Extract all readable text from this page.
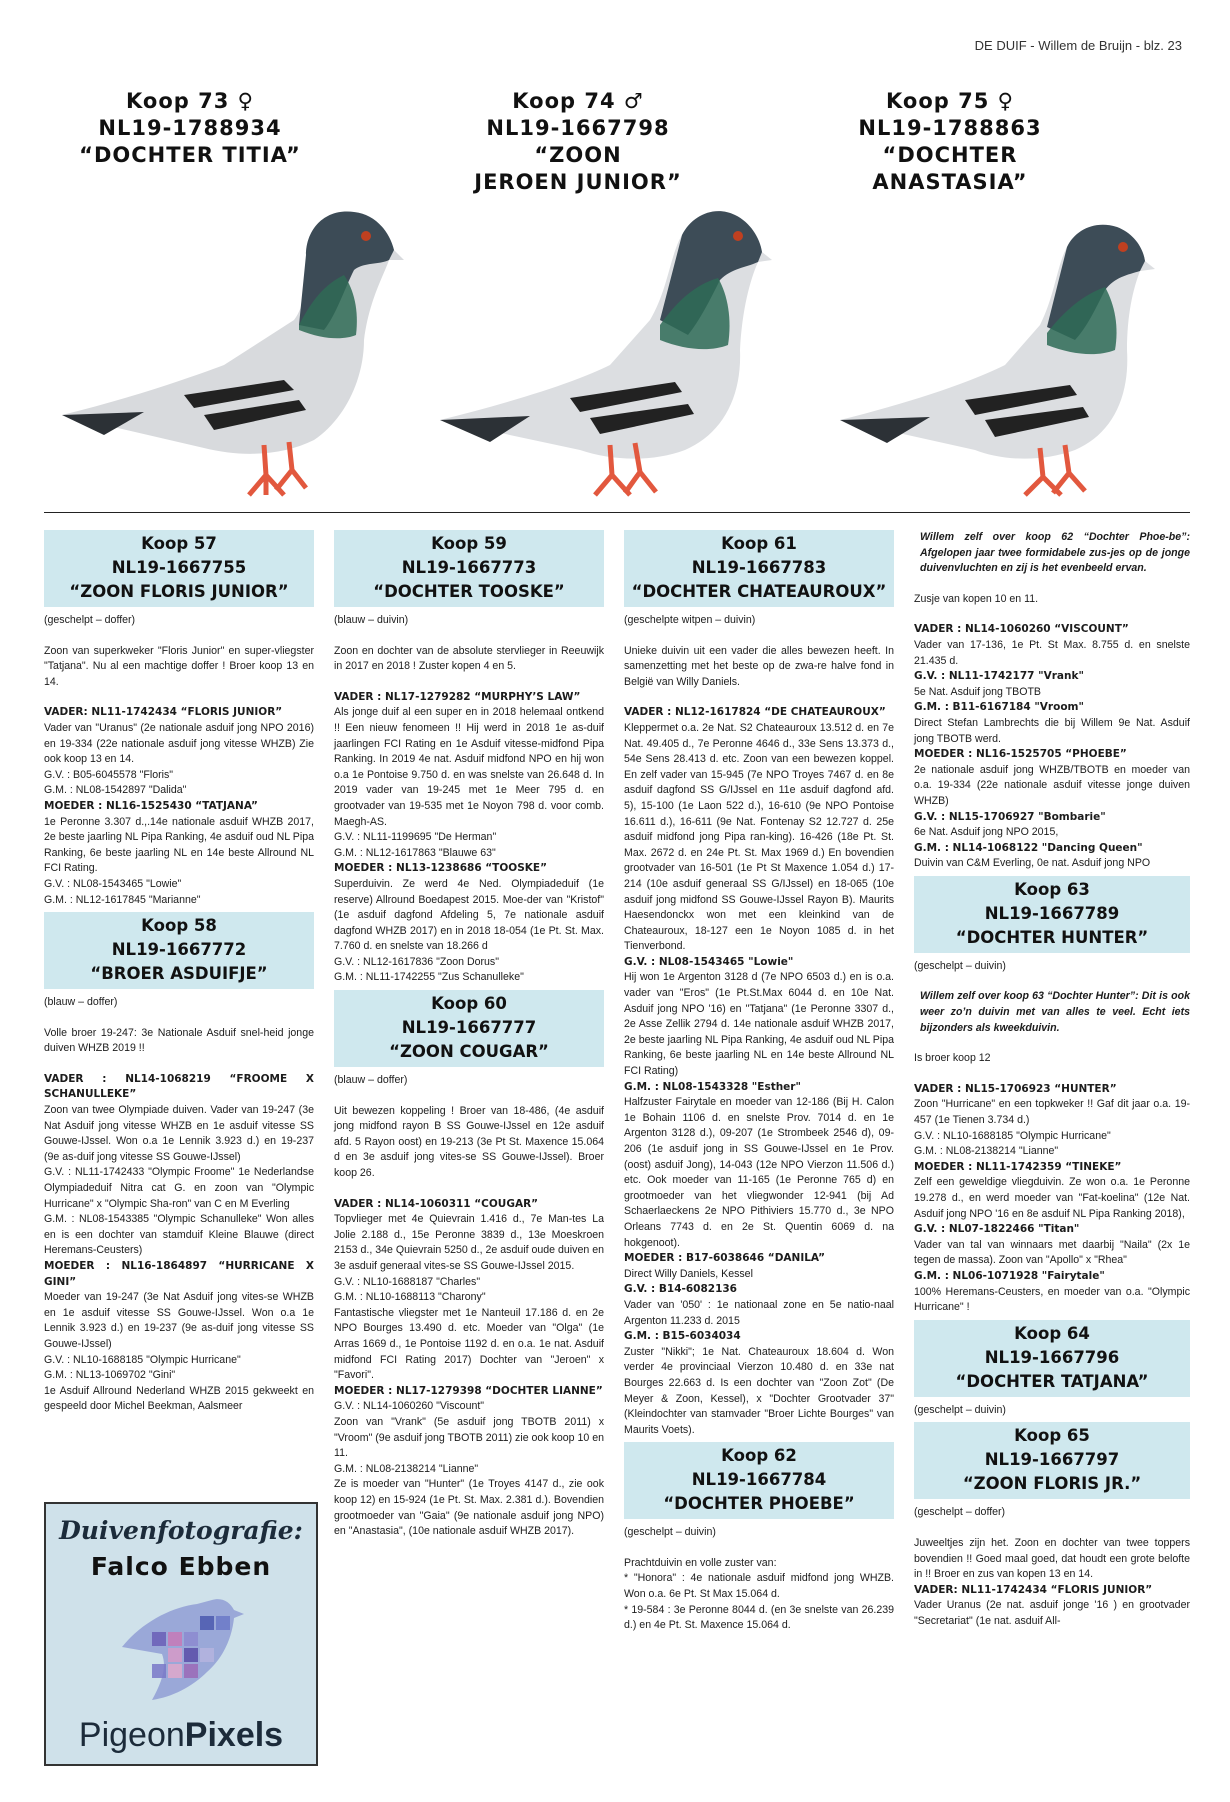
DE DUIF - Willem de Bruijn - blz. 23
Koop 73 ♀
NL19-1788934
“DOCHTER TITIA”
Koop 74 ♂
NL19-1667798
“ZOON
JEROEN JUNIOR”
Koop 75 ♀
NL19-1788863
“DOCHTER
ANASTASIA”
Koop 57
NL19-1667755
“ZOON FLORIS JUNIOR”
(geschelpt – doffer)

Zoon van superkweker "Floris Junior" en super-vliegster "Tatjana". Nu al een machtige doffer ! Broer koop 13 en 14.

VADER: NL11-1742434 “FLORIS JUNIOR”
Vader van "Uranus" (2e nationale asduif jong NPO 2016) en 19-334 (22e nationale asduif jong vitesse WHZB) Zie ook koop 13 en 14.
G.V. : B05-6045578 "Floris"
G.M. : NL08-1542897 "Dalida"
MOEDER : NL16-1525430 “TATJANA”
1e Peronne 3.307 d.,.14e nationale asduif WHZB 2017, 2e beste jaarling NL Pipa Ranking, 4e asduif oud NL Pipa Ranking, 6e beste jaarling NL en 14e beste Allround NL FCI Rating.
G.V. : NL08-1543465 "Lowie"
G.M. : NL12-1617845 "Marianne"
Koop 58
NL19-1667772
“BROER ASDUIFJE”
(blauw – doffer)

Volle broer 19-247: 3e Nationale Asduif snel-heid jonge duiven WHZB 2019 !!

VADER : NL14-1068219 “FROOME X SCHANULLEKE”
Zoon van twee Olympiade duiven. Vader van 19-247 (3e Nat Asduif jong vitesse WHZB en 1e asduif vitesse SS Gouwe-IJssel. Won o.a 1e Lennik 3.923 d.) en 19-237 (9e as-duif jong vitesse SS Gouwe-IJssel)
G.V. : NL11-1742433 "Olympic Froome" 1e Nederlandse Olympiadeduif Nitra cat G. en zoon van "Olympic Hurricane" x "Olympic Sha-ron" van C en M Everling
G.M. : NL08-1543385 "Olympic Schanulleke" Won alles en is een dochter van stamduif Kleine Blauwe (direct Heremans-Ceusters)
MOEDER : NL16-1864897 “HURRICANE X GINI”
Moeder van 19-247 (3e Nat Asduif jong vites-se WHZB en 1e asduif vitesse SS Gouwe-IJssel. Won o.a 1e Lennik 3.923 d.) en 19-237 (9e as-duif jong vitesse SS Gouwe-IJssel)
G.V. : NL10-1688185 "Olympic Hurricane"
G.M. : NL13-1069702 "Gini"
1e Asduif Allround Nederland WHZB 2015 gekweekt en gespeeld door Michel Beekman, Aalsmeer
Koop 59
NL19-1667773
“DOCHTER TOOSKE”
(blauw – duivin)

Zoon en dochter van de absolute stervlieger in Reeuwijk in 2017 en 2018 ! Zuster kopen 4 en 5.

VADER : NL17-1279282 “MURPHY’S LAW”
Als jonge duif al een super en in 2018 helemaal ontkend !! Een nieuw fenomeen !! Hij werd in 2018 1e as-duif jaarlingen FCI Rating en 1e Asduif vitesse-midfond Pipa Ranking. In 2019 4e nat. Asduif midfond NPO en hij won o.a 1e Pontoise 9.750 d. en was snelste van 26.648 d. In 2019 vader van 19-245 met 1e Meer 795 d. en grootvader van 19-535 met 1e Noyon 798 d. voor comb. Maegh-AS.
G.V. : NL11-1199695 "De Herman"
G.M. : NL12-1617863 "Blauwe 63"
MOEDER : NL13-1238686 “TOOSKE”
Superduivin. Ze werd 4e Ned. Olympiadeduif (1e reserve) Allround Boedapest 2015. Moe-der van "Kristof" (1e asduif dagfond Afdeling 5, 7e nationale asduif dagfond WHZB 2017) en in 2018 18-054 (1e Pt. St. Max. 7.760 d. en snelste van 18.266 d
G.V. : NL12-1617836 "Zoon Dorus"
G.M. : NL11-1742255 "Zus Schanulleke"
Koop 60
NL19-1667777
“ZOON COUGAR”
(blauw – doffer)

Uit bewezen koppeling ! Broer van 18-486, (4e asduif jong midfond rayon B SS Gouwe-IJssel en 12e asduif afd. 5 Rayon oost) en 19-213 (3e Pt St. Maxence 15.064 d en 3e asduif jong vites-se SS Gouwe-IJssel). Broer koop 26.

VADER : NL14-1060311 “COUGAR”
Topvlieger met 4e Quievrain 1.416 d., 7e Man-tes La Jolie 2.188 d., 15e Peronne 3839 d., 13e Moeskroen 2153 d., 34e Quievrain 5250 d., 2e asduif oude duiven en 3e asduif generaal vites-se SS Gouwe-IJssel 2015.
G.V. : NL10-1688187 "Charles"
G.M. : NL10-1688113 "Charony"
Fantastische vliegster met 1e Nanteuil 17.186 d. en 2e NPO Bourges 13.490 d. etc. Moeder van "Olga" (1e Arras 1669 d., 1e Pontoise 1192 d. en o.a. 1e nat. Asduif midfond FCI Rating 2017) Dochter van "Jeroen" x "Favori".
MOEDER : NL17-1279398 “DOCHTER LIANNE”
G.V. : NL14-1060260 "Viscount"
Zoon van "Vrank" (5e asduif jong TBOTB 2011) x "Vroom" (9e asduif jong TBOTB 2011) zie ook koop 10 en 11.
G.M. : NL08-2138214 "Lianne"
Ze is moeder van "Hunter" (1e Troyes 4147 d., zie ook koop 12) en 15-924 (1e Pt. St. Max. 2.381 d.). Bovendien grootmoeder van "Gaia" (9e nationale asduif jong NPO) en "Anastasia", (10e nationale asduif WHZB 2017).
Koop 61
NL19-1667783
“DOCHTER CHATEAUROUX”
(geschelpte witpen – duivin)

Unieke duivin uit een vader die alles bewezen heeft. In samenzetting met het beste op de zwa-re halve fond in België van Willy Daniels.

VADER : NL12-1617824 “DE CHATEAUROUX”
Kleppermet o.a. 2e Nat. S2 Chateauroux 13.512 d. en 7e Nat. 49.405 d., 7e Peronne 4646 d., 33e Sens 13.373 d., 54e Sens 28.413 d. etc. Zoon van een bewezen koppel. En zelf vader van 15-945 (7e NPO Troyes 7467 d. en 8e asduif dagfond SS G/IJssel en 11e asduif dagfond afd. 5), 15-100 (1e Laon 522 d.), 16-610 (9e NPO Pontoise 16.611 d.), 16-611 (9e Nat. Fontenay S2 12.727 d. 25e asduif midfond jong Pipa ran-king). 16-426 (18e Pt. St. Max. 2672 d. en 24e Pt. St. Max 1969 d.) En bovendien grootvader van 16-501 (1e Pt St Maxence 1.054 d.) 17-214 (10e asduif generaal SS G/IJssel) en 18-065 (10e asduif jong midfond SS Gouwe-IJssel Rayon B). Maurits Haesendonckx won met een kleinkind van de Chateauroux, 18-127 een 1e Noyon 1085 d. in het Tienverbond.
G.V. : NL08-1543465 "Lowie"
Hij won 1e Argenton 3128 d (7e NPO 6503 d.) en is o.a. vader van "Eros" (1e Pt.St.Max 6044 d. en 10e Nat. Asduif jong NPO '16) en "Tatjana" (1e Peronne 3307 d., 2e Asse Zellik 2794 d. 14e nationale asduif WHZB 2017, 2e beste jaarling NL Pipa Ranking, 4e asduif oud NL Pipa Ranking, 6e beste jaarling NL en 14e beste Allround NL FCI Rating)
G.M. : NL08-1543328 "Esther"
Halfzuster Fairytale en moeder van 12-186 (Bij H. Calon 1e Bohain 1106 d. en snelste Prov. 7014 d. en 1e Argenton 3128 d.), 09-207 (1e Strombeek 2546 d), 09-206 (1e asduif jong in SS Gouwe-IJssel en 1e Prov. (oost) asduif Jong), 14-043 (12e NPO Vierzon 11.506 d.) etc. Ook moeder van 11-165 (1e Peronne 765 d) en grootmoeder van het vliegwonder 12-941 (bij Ad Schaerlaeckens 2e NPO Pithiviers 15.770 d., 3e NPO Orleans 7743 d. en 2e St. Quentin 6069 d. na hokgenoot).
MOEDER : B17-6038646 “DANILA”
Direct Willy Daniels, Kessel
G.V. : B14-6082136
Vader van '050' : 1e nationaal zone en 5e natio-naal Argenton 11.233 d. 2015
G.M. : B15-6034034
Zuster "Nikki"; 1e Nat. Chateauroux 18.604 d. Won verder 4e provinciaal Vierzon 10.480 d. en 33e nat Bourges 22.663 d. Is een dochter van "Zoon Zot" (De Meyer & Zoon, Kessel), x "Dochter Grootvader 37"(Kleindochter van stamvader "Broer Lichte Bourges" van Maurits Voets).
Koop 62
NL19-1667784
“DOCHTER PHOEBE”
(geschelpt – duivin)
Prachtduivin en volle zuster van:
* "Honora" : 4e nationale asduif midfond jong WHZB. Won o.a. 6e Pt. St Max 15.064 d.
* 19-584 : 3e Peronne 8044 d. (en 3e snelste van 26.239 d.) en 4e Pt. St. Maxence 15.064 d.

Willem zelf over koop 62 “Dochter Phoe-be”: Afgelopen jaar twee formidabele zus-jes op de jonge duivenvluchten en zij is het evenbeeld ervan.

Zusje van kopen 10 en 11.

VADER : NL14-1060260 “VISCOUNT”
Vader van 17-136, 1e Pt. St Max. 8.755 d. en snelste 21.435 d.
G.V. : NL11-1742177 "Vrank"
5e Nat. Asduif jong TBOTB
G.M. : B11-6167184 "Vroom"
Direct Stefan Lambrechts die bij Willem 9e Nat. Asduif jong TBOTB werd.
MOEDER : NL16-1525705 “PHOEBE”
2e nationale asduif jong WHZB/TBOTB en moeder van o.a. 19-334 (22e nationale asduif vitesse jonge duiven WHZB)
G.V. : NL15-1706927 "Bombarie"
6e Nat. Asduif jong NPO 2015,
G.M. : NL14-1068122 "Dancing Queen"
Duivin van C&M Everling, 0e nat. Asduif jong NPO
Koop 63
NL19-1667789
“DOCHTER HUNTER”
(geschelpt – duivin)

Willem zelf over koop 63 “Dochter Hunter”: Dit is ook weer zo’n duivin met van alles te veel. Echt iets bijzonders als kweekduivin.

Is broer koop 12

VADER : NL15-1706923 “HUNTER”
Zoon "Hurricane" en een topkweker !! Gaf dit jaar o.a. 19-457 (1e Tienen 3.734 d.)
G.V. : NL10-1688185 "Olympic Hurricane"
G.M. : NL08-2138214 "Lianne"
MOEDER : NL11-1742359 “TINEKE”
Zelf een geweldige vliegduivin. Ze won o.a. 1e Peronne 19.278 d., en werd moeder van "Fat-koelina" (12e Nat. Asduif jong NPO '16 en 8e asduif NL Pipa Ranking 2018),
G.V. : NL07-1822466 "Titan"
Vader van tal van winnaars met daarbij "Naila" (2x 1e tegen de massa). Zoon van "Apollo" x "Rhea"
G.M. : NL06-1071928 "Fairytale"
100% Heremans-Ceusters, en moeder van o.a. "Olympic Hurricane" !
Koop 64
NL19-1667796
“DOCHTER TATJANA”
(geschelpt – duivin)
Koop 65
NL19-1667797
“ZOON FLORIS JR.”
(geschelpt – doffer)
Juweeltjes zijn het. Zoon en dochter van twee toppers bovendien !! Goed maal goed, dat houdt een grote belofte in !! Broer en zus van kopen 13 en 14.
VADER: NL11-1742434 “FLORIS JUNIOR”
Vader Uranus (2e nat. asduif jonge '16 ) en grootvader "Secretariat" (1e nat. asduif All-
Duivenfotografie:
Falco Ebben
PigeonPixels
